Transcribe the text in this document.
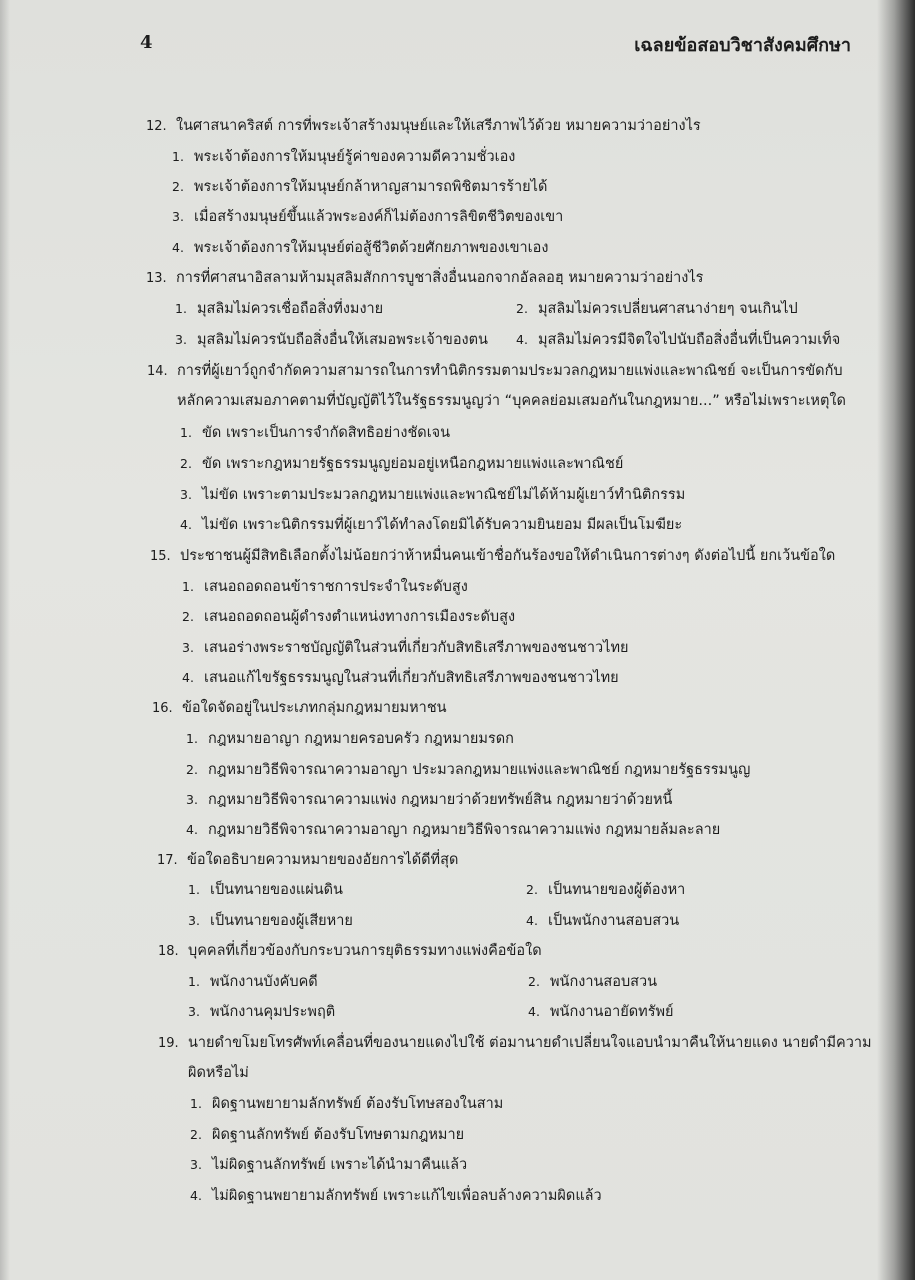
4	เฉลยข้อสอบวิชาสังคมศึกษา
12. ในศาสนาคริสต์ การที่พระเจ้าสร้างมนุษย์และให้เสรีภาพไว้ด้วย หมายความว่าอย่างไร
1. พระเจ้าต้องการให้มนุษย์รู้ค่าของความดีความชั่วเอง
2. พระเจ้าต้องการให้มนุษย์กล้าหาญสามารถพิชิตมารร้ายได้
3. เมื่อสร้างมนุษย์ขึ้นแล้วพระองค์ก็ไม่ต้องการลิขิตชีวิตของเขา
4. พระเจ้าต้องการให้มนุษย์ต่อสู้ชีวิตด้วยศักยภาพของเขาเอง
13. การที่ศาสนาอิสลามห้ามมุสลิมสักการบูชาสิ่งอื่นนอกจากอัลลอฮฺ หมายความว่าอย่างไร
1. มุสลิมไม่ควรเชื่อถือสิ่งที่งมงาย	2. มุสลิมไม่ควรเปลี่ยนศาสนาง่ายๆ จนเกินไป
3. มุสลิมไม่ควรนับถือสิ่งอื่นให้เสมอพระเจ้าของตน 4. มุสลิมไม่ควรมีจิตใจไปนับถือสิ่งอื่นที่เป็นความเท็จ
14. การที่ผู้เยาว์ถูกจำกัดความสามารถในการทำนิติกรรมตามประมวลกฎหมายแพ่งและพาณิชย์ จะเป็นการขัดกับ
หลักความเสมอภาคตามที่บัญญัติไว้ในรัฐธรรมนูญว่า “บุคคลย่อมเสมอกันในกฎหมาย...” หรือไม่เพราะเหตุใด
1. ขัด เพราะเป็นการจำกัดสิทธิอย่างชัดเจน
2. ขัด เพราะกฎหมายรัฐธรรมนูญย่อมอยู่เหนือกฎหมายแพ่งและพาณิชย์
3. ไม่ขัด เพราะตามประมวลกฎหมายแพ่งและพาณิชย์ไม่ได้ห้ามผู้เยาว์ทำนิติกรรม
4. ไม่ขัด เพราะนิติกรรมที่ผู้เยาว์ได้ทำลงโดยมิได้รับความยินยอม มีผลเป็นโมฆียะ
15. ประชาชนผู้มีสิทธิเลือกตั้งไม่น้อยกว่าห้าหมื่นคนเข้าชื่อกันร้องขอให้ดำเนินการต่างๆ ดังต่อไปนี้ ยกเว้นข้อใด
1. เสนอถอดถอนข้าราชการประจำในระดับสูง
2. เสนอถอดถอนผู้ดำรงตำแหน่งทางการเมืองระดับสูง
3. เสนอร่างพระราชบัญญัติในส่วนที่เกี่ยวกับสิทธิเสรีภาพของชนชาวไทย
4. เสนอแก้ไขรัฐธรรมนูญในส่วนที่เกี่ยวกับสิทธิเสรีภาพของชนชาวไทย
16. ข้อใดจัดอยู่ในประเภทกลุ่มกฎหมายมหาชน
1. กฎหมายอาญา กฎหมายครอบครัว กฎหมายมรดก
2. กฎหมายวิธีพิจารณาความอาญา ประมวลกฎหมายแพ่งและพาณิชย์ กฎหมายรัฐธรรมนูญ
3. กฎหมายวิธีพิจารณาความแพ่ง กฎหมายว่าด้วยทรัพย์สิน กฎหมายว่าด้วยหนี้
4. กฎหมายวิธีพิจารณาความอาญา กฎหมายวิธีพิจารณาความแพ่ง กฎหมายล้มละลาย
17. ข้อใดอธิบายความหมายของอัยการได้ดีที่สุด
1. เป็นทนายของแผ่นดิน	2. เป็นทนายของผู้ต้องหา
3. เป็นทนายของผู้เสียหาย	4. เป็นพนักงานสอบสวน
18. บุคคลที่เกี่ยวข้องกับกระบวนการยุติธรรมทางแพ่งคือข้อใด
1. พนักงานบังคับคดี	2. พนักงานสอบสวน
3. พนักงานคุมประพฤติ	4. พนักงานอายัดทรัพย์
19. นายดำขโมยโทรศัพท์เคลื่อนที่ของนายแดงไปใช้ ต่อมานายดำเปลี่ยนใจแอบนำมาคืนให้นายแดง นายดำมีความ
ผิดหรือไม่
1. ผิดฐานพยายามลักทรัพย์ ต้องรับโทษสองในสาม
2. ผิดฐานลักทรัพย์ ต้องรับโทษตามกฎหมาย
3. ไม่ผิดฐานลักทรัพย์ เพราะได้นำมาคืนแล้ว
4. ไม่ผิดฐานพยายามลักทรัพย์ เพราะแก้ไขเพื่อลบล้างความผิดแล้ว
